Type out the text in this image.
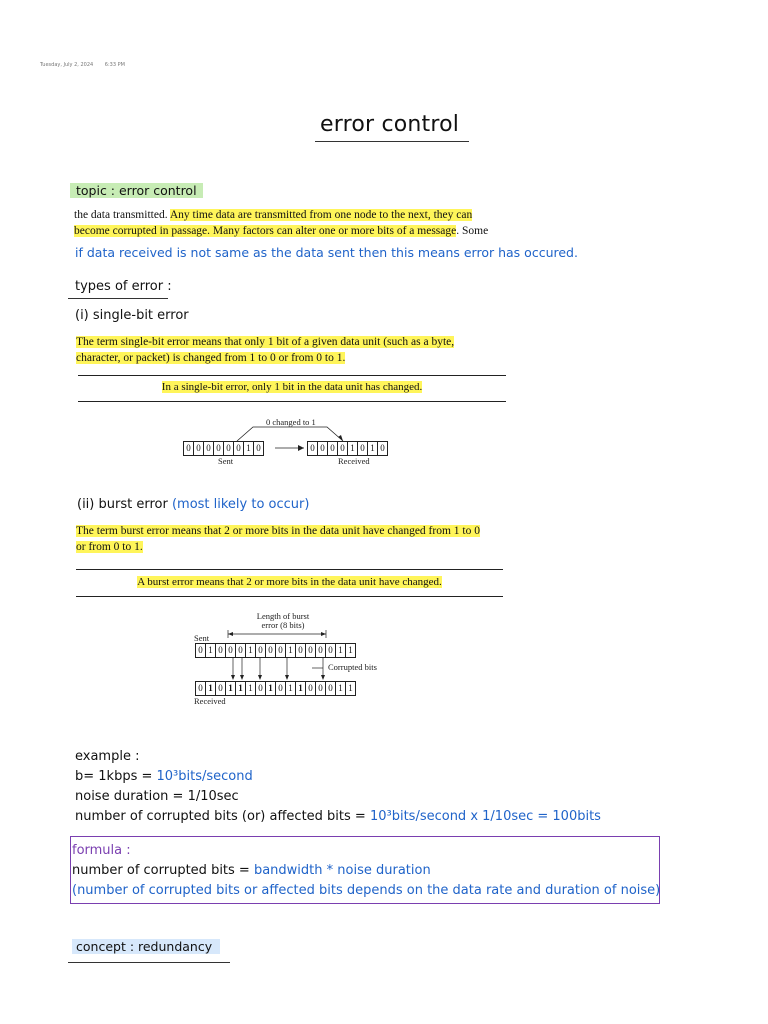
Tuesday, July 2, 2024 6:33 PM
error control
topic : error control
the data transmitted. Any time data are transmitted from one node to the next, they can
become corrupted in passage. Many factors can alter one or more bits of a message. Some
if data received is not same as the data sent then this means error has occured.
types of error :
(i) single-bit error
The term single-bit error means that only 1 bit of a given data unit (such as a byte,
character, or packet) is changed from 1 to 0 or from 0 to 1.
In a single-bit error, only 1 bit in the data unit has changed.
0 changed to 1
0 0 0 0 0 0 1 0	0 0 0 0 1 0 1 0
Sent	Received
(ii) burst error (most likely to occur)
The term burst error means that 2 or more bits in the data unit have changed from 1 to 0
or from 0 to 1.
A burst error means that 2 or more bits in the data unit have changed.
Length of burst
error (8 bits)
Sent
0 1 0 0 0 1 0 0 0 1 0 0 0 0 1 1
Corrupted bits
0 1 0 1 1 1 0 1 0 1 1 0 0 0 1 1
Received
example :
b= 1kbps = 10³bits/second
noise duration = 1/10sec
number of corrupted bits (or) affected bits = 10³bits/second x 1/10sec = 100bits
formula :
number of corrupted bits = bandwidth * noise duration
(number of corrupted bits or affected bits depends on the data rate and duration of noise)
concept : redundancy
